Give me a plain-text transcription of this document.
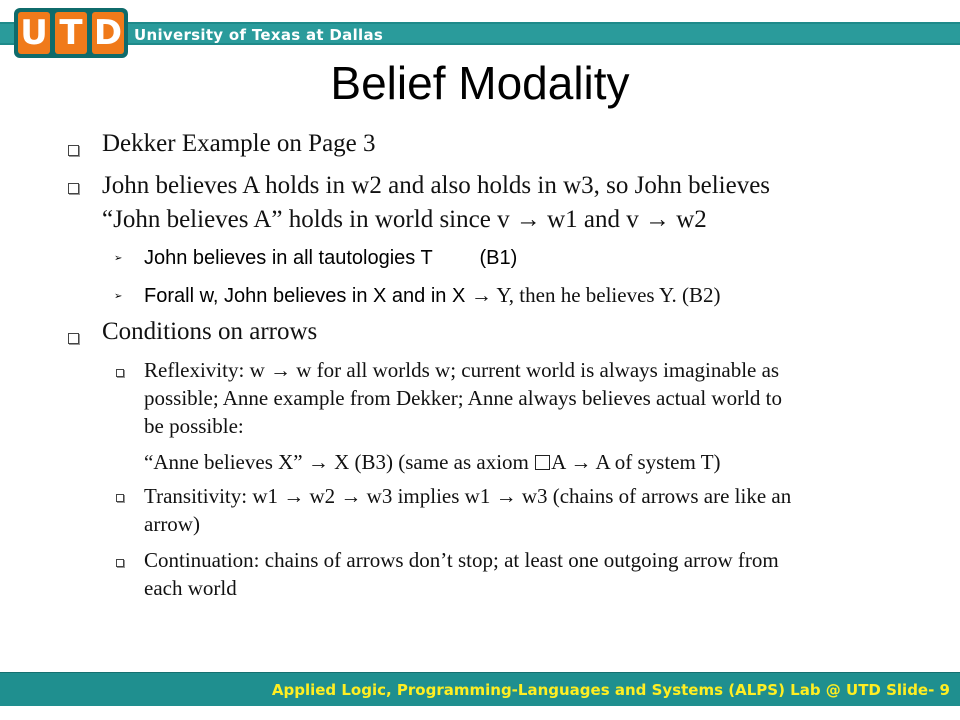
U T D University of Texas at Dallas
Belief Modality
Dekker Example on Page 3
John believes A holds in w2 and also holds in w3, so John believes
“John believes A” holds in world since v → w1 and v → w2
➢ John believes in all tautologies T (B1)
➢ Forall w, John believes in X and in X → Y, then he believes Y. (B2)
Conditions on arrows
Reflexivity: w → w for all worlds w; current world is always imaginable as
possible; Anne example from Dekker; Anne always believes actual world to
be possible:
“Anne believes X” → X (B3) (same as axiom A → A of system T)
Transitivity: w1 → w2 → w3 implies w1 → w3 (chains of arrows are like an
arrow)
Continuation: chains of arrows don’t stop; at least one outgoing arrow from
each world
Applied Logic, Programming-Languages and Systems (ALPS) Lab @ UTD Slide- 9
